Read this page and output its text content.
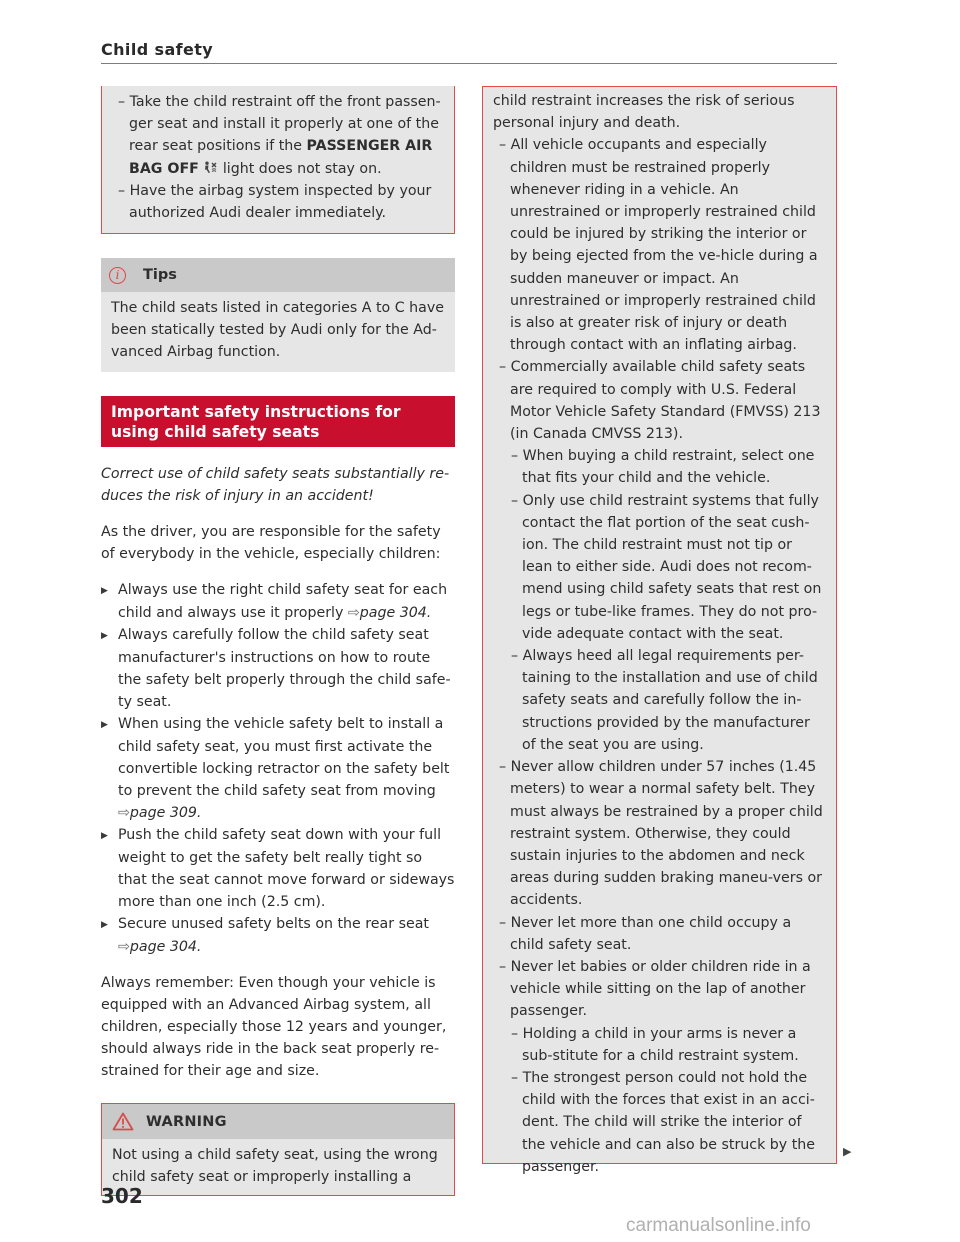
Child safety
– Take the child restraint off the front passen-ger seat and install it properly at one of the rear seat positions if the PASSENGER AIR BAG OFF  light does not stay on.
– Have the airbag system inspected by your authorized Audi dealer immediately.
i	Tips
The child seats listed in categories A to C have been statically tested by Audi only for the Ad-vanced Airbag function.
Important safety instructions for using child safety seats
Correct use of child safety seats substantially re-duces the risk of injury in an accident!
As the driver, you are responsible for the safety of everybody in the vehicle, especially children:
▶ Always use the right child safety seat for each child and always use it properly ⇨page 304.
▶ Always carefully follow the child safety seat manufacturer's instructions on how to route the safety belt properly through the child safe-ty seat.
▶ When using the vehicle safety belt to install a child safety seat, you must first activate the convertible locking retractor on the safety belt to prevent the child safety seat from moving ⇨page 309.
▶ Push the child safety seat down with your full weight to get the safety belt really tight so that the seat cannot move forward or sideways more than one inch (2.5 cm).
▶ Secure unused safety belts on the rear seat ⇨page 304.
Always remember: Even though your vehicle is equipped with an Advanced Airbag system, all children, especially those 12 years and younger, should always ride in the back seat properly re-strained for their age and size.
WARNING
Not using a child safety seat, using the wrong child safety seat or improperly installing a
child restraint increases the risk of serious personal injury and death.
– All vehicle occupants and especially children must be restrained properly whenever riding in a vehicle. An unrestrained or improperly restrained child could be injured by striking the interior or by being ejected from the ve-hicle during a sudden maneuver or impact. An unrestrained or improperly restrained child is also at greater risk of injury or death through contact with an inflating airbag.
– Commercially available child safety seats are required to comply with U.S. Federal Motor Vehicle Safety Standard (FMVSS) 213 (in Canada CMVSS 213).
– When buying a child restraint, select one that fits your child and the vehicle.
– Only use child restraint systems that fully contact the flat portion of the seat cush-ion. The child restraint must not tip or lean to either side. Audi does not recom-mend using child safety seats that rest on legs or tube-like frames. They do not pro-vide adequate contact with the seat.
– Always heed all legal requirements per-taining to the installation and use of child safety seats and carefully follow the in-structions provided by the manufacturer of the seat you are using.
– Never allow children under 57 inches (1.45 meters) to wear a normal safety belt. They must always be restrained by a proper child restraint system. Otherwise, they could sustain injuries to the abdomen and neck areas during sudden braking maneu-vers or accidents.
– Never let more than one child occupy a child safety seat.
– Never let babies or older children ride in a vehicle while sitting on the lap of another passenger.
– Holding a child in your arms is never a sub-stitute for a child restraint system.
– The strongest person could not hold the child with the forces that exist in an acci-dent. The child will strike the interior of the vehicle and can also be struck by the passenger.
▶
302
carmanualsonline.info
